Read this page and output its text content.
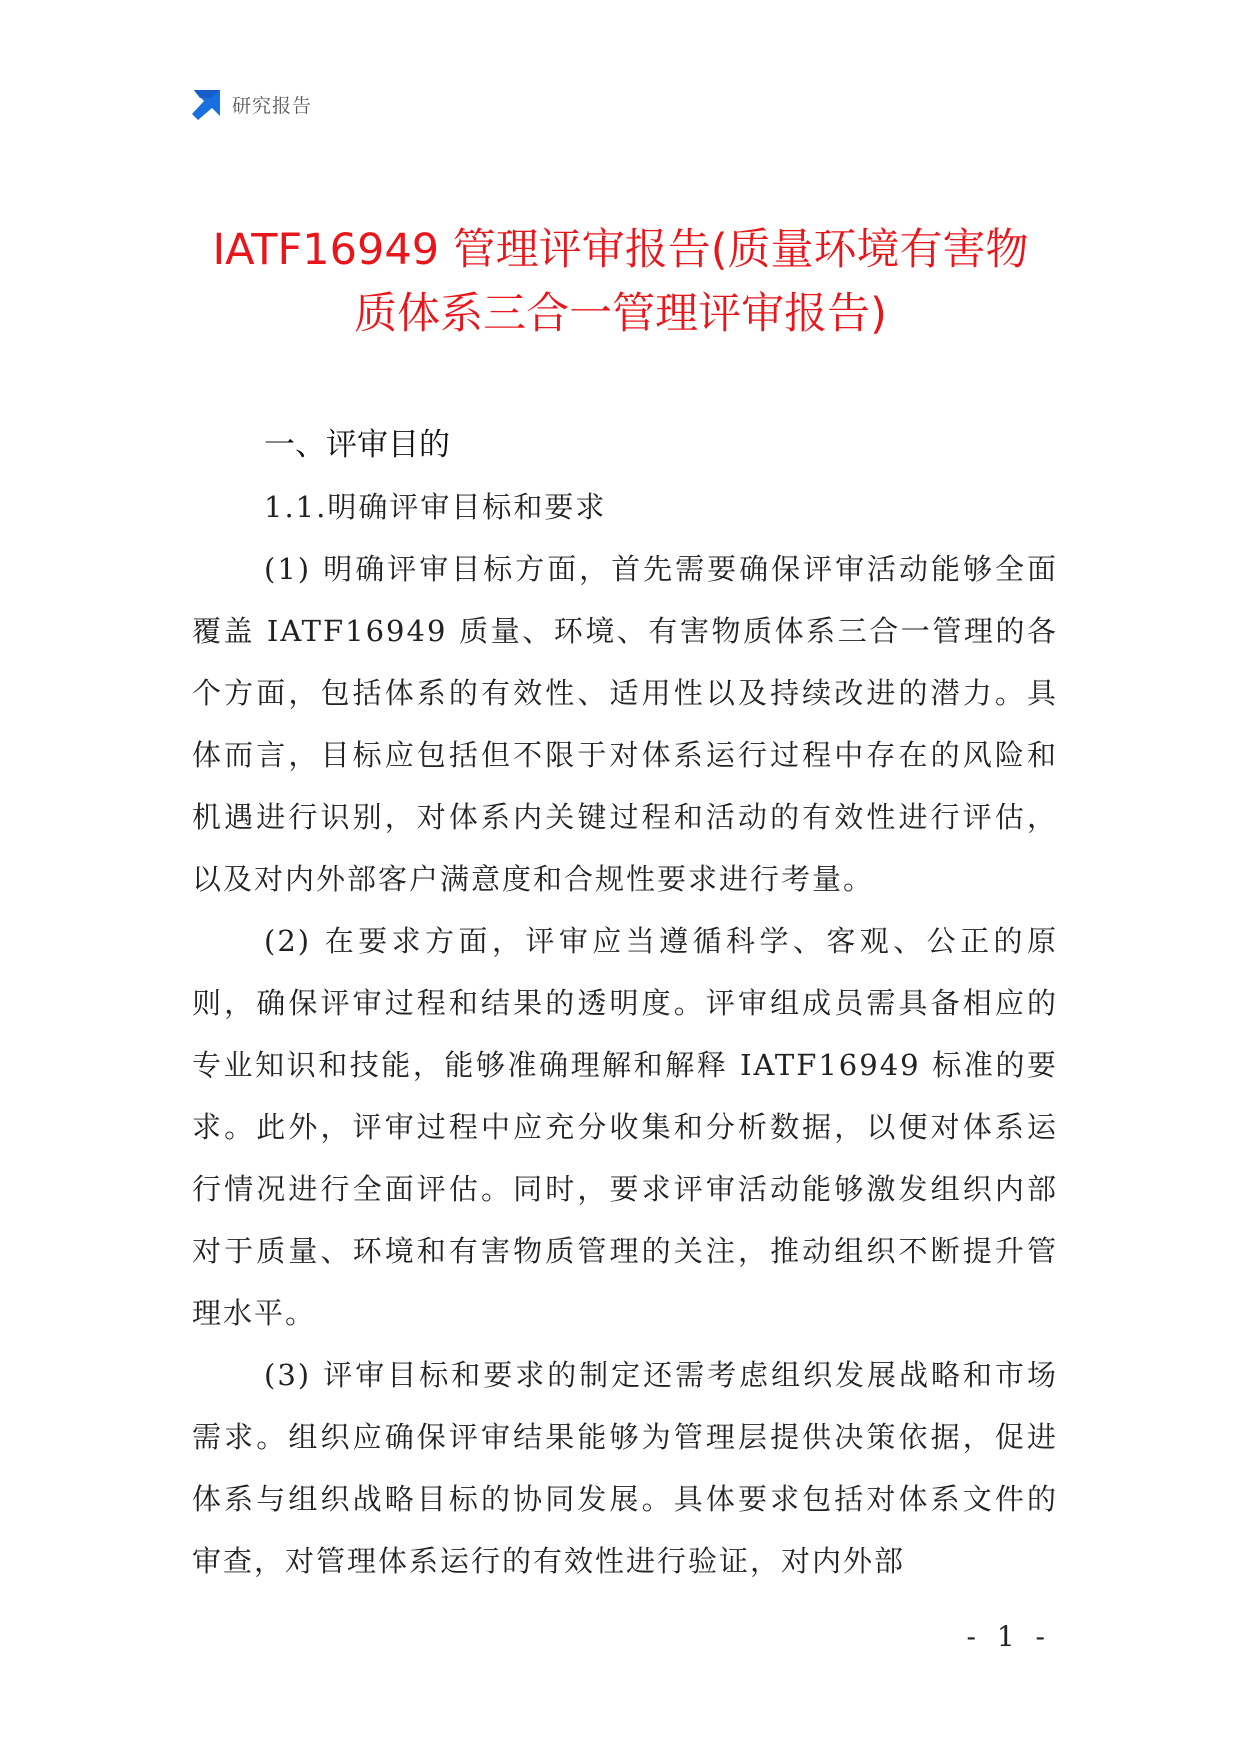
研究报告
IATF16949 管理评审报告(质量环境有害物
质体系三合一管理评审报告)
一、评审目的
1.1.明确评审目标和要求

(1) 明确评审目标方面，首先需要确保评审活动能够全面覆盖 IATF16949 质量、环境、有害物质体系三合一管理的各个方面，包括体系的有效性、适用性以及持续改进的潜力。具体而言，目标应包括但不限于对体系运行过程中存在的风险和机遇进行识别，对体系内关键过程和活动的有效性进行评估，以及对内外部客户满意度和合规性要求进行考量。

(2) 在要求方面，评审应当遵循科学、客观、公正的原则，确保评审过程和结果的透明度。评审组成员需具备相应的专业知识和技能，能够准确理解和解释 IATF16949 标准的要求。此外，评审过程中应充分收集和分析数据，以便对体系运行情况进行全面评估。同时，要求评审活动能够激发组织内部对于质量、环境和有害物质管理的关注，推动组织不断提升管理水平。

(3) 评审目标和要求的制定还需考虑组织发展战略和市场需求。组织应确保评审结果能够为管理层提供决策依据，促进体系与组织战略目标的协同发展。具体要求包括对体系文件的审查，对管理体系运行的有效性进行验证，对内外部

- 1 -
